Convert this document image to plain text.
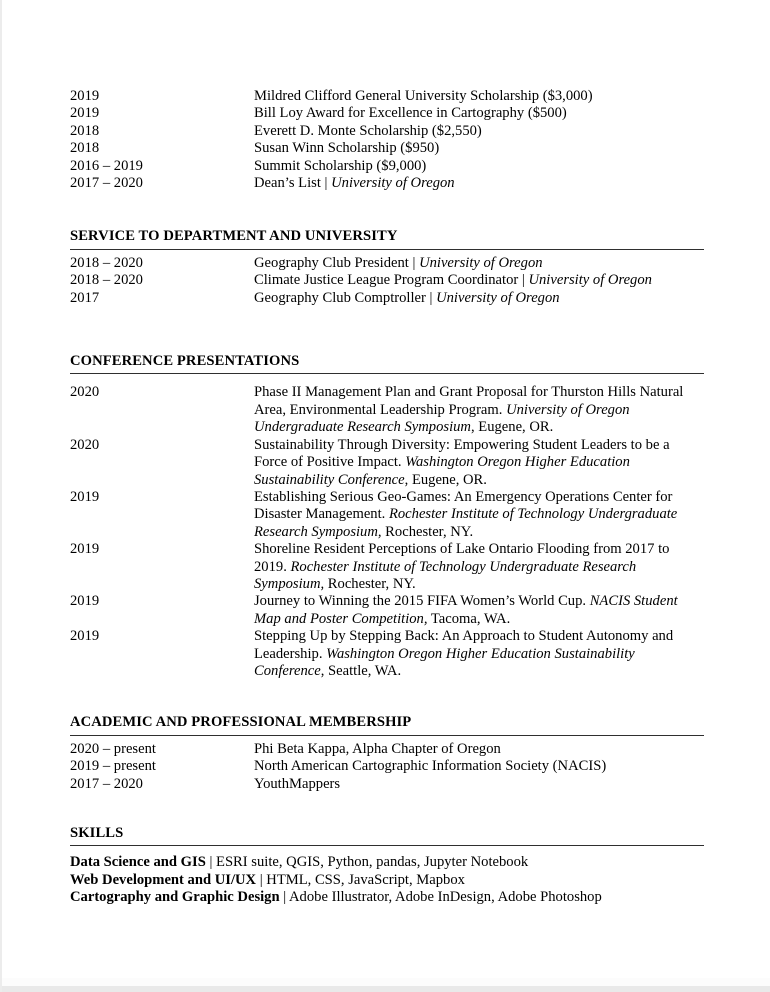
2019	Mildred Clifford General University Scholarship ($3,000)
2019	Bill Loy Award for Excellence in Cartography ($500)
2018	Everett D. Monte Scholarship ($2,550)
2018	Susan Winn Scholarship ($950)
2016 – 2019	Summit Scholarship ($9,000)
2017 – 2020	Dean’s List | University of Oregon
SERVICE TO DEPARTMENT AND UNIVERSITY
2018 – 2020	Geography Club President | University of Oregon
2018 – 2020	Climate Justice League Program Coordinator | University of Oregon
2017	Geography Club Comptroller | University of Oregon
CONFERENCE PRESENTATIONS
2020	Phase II Management Plan and Grant Proposal for Thurston Hills Natural Area, Environmental Leadership Program. University of Oregon Undergraduate Research Symposium, Eugene, OR.
2020	Sustainability Through Diversity: Empowering Student Leaders to be a Force of Positive Impact. Washington Oregon Higher Education Sustainability Conference, Eugene, OR.
2019	Establishing Serious Geo-Games: An Emergency Operations Center for Disaster Management. Rochester Institute of Technology Undergraduate Research Symposium, Rochester, NY.
2019	Shoreline Resident Perceptions of Lake Ontario Flooding from 2017 to 2019. Rochester Institute of Technology Undergraduate Research Symposium, Rochester, NY.
2019	Journey to Winning the 2015 FIFA Women’s World Cup. NACIS Student Map and Poster Competition, Tacoma, WA.
2019	Stepping Up by Stepping Back: An Approach to Student Autonomy and Leadership. Washington Oregon Higher Education Sustainability Conference, Seattle, WA.
ACADEMIC AND PROFESSIONAL MEMBERSHIP
2020 – present	Phi Beta Kappa, Alpha Chapter of Oregon
2019 – present	North American Cartographic Information Society (NACIS)
2017 – 2020	YouthMappers
SKILLS
Data Science and GIS | ESRI suite, QGIS, Python, pandas, Jupyter Notebook
Web Development and UI/UX | HTML, CSS, JavaScript, Mapbox
Cartography and Graphic Design | Adobe Illustrator, Adobe InDesign, Adobe Photoshop
